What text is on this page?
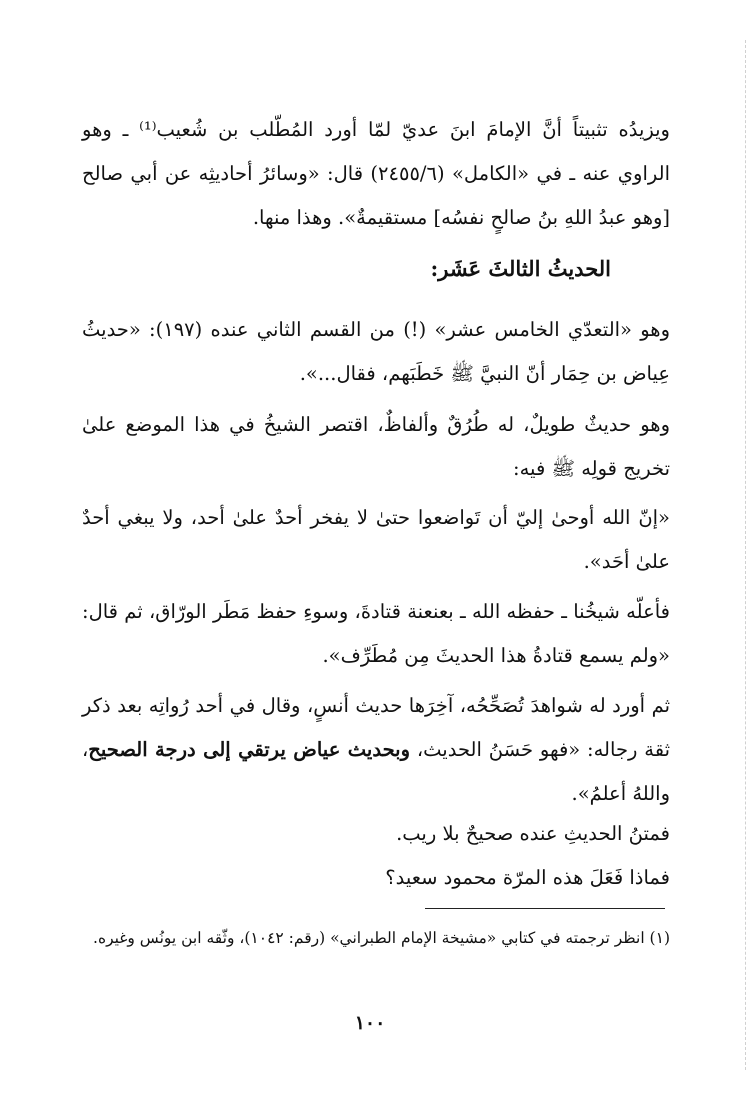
ويزيدُه تثبيتاً أنَّ الإمامَ ابنَ عديّ لمّا أورد المُطّلب بن شُعيب⁽¹⁾ ـ وهو الراوي عنه ـ في «الكامل» (٢٤٥٥/٦) قال: «وسائرُ أحاديثِه عن أبي صالح [وهو عبدُ اللهِ بنُ صالحٍ نفسُه] مستقيمةٌ». وهذا منها.

الحديثُ الثالثَ عَشَر:

وهو «التعدّي الخامس عشر» (!) من القسم الثاني عنده (١٩٧): «حديثُ عِياض بن حِمَار أنّ النبيَّ ﷺ خَطَبَهم، فقال...».

وهو حديثٌ طويلٌ، له طُرُقٌ وألفاظٌ، اقتصر الشيخُ في هذا الموضع علىٰ تخريج قولِه ﷺ فيه:

«إنّ الله أوحىٰ إليّ أن تَواضعوا حتىٰ لا يفخر أحدٌ علىٰ أحد، ولا يبغي أحدٌ علىٰ أحَد».

فأعلّه شيخُنا ـ حفظه الله ـ بعنعنة قتادةَ، وسوءِ حفظ مَطَر الورّاق، ثم قال: «ولم يسمع قتادةُ هذا الحديثَ مِن مُطَرِّف».

ثم أورد له شواهدَ تُصَحِّحُه، آخِرَها حديث أنسٍ، وقال في أحد رُواتِه بعد ذكر ثقة رجاله: «فهو حَسَنُ الحديث، وبحديث عياض يرتقي إلى درجة الصحيح، واللهُ أعلمُ».

فمتنُ الحديثِ عنده صحيحٌ بلا ريب.

فماذا فَعَلَ هذه المرّة محمود سعيد؟

(١) انظر ترجمته في كتابي «مشيخة الإمام الطبراني» (رقم: ١٠٤٢)، وثّقه ابن يونُس وغيره.

١٠٠
